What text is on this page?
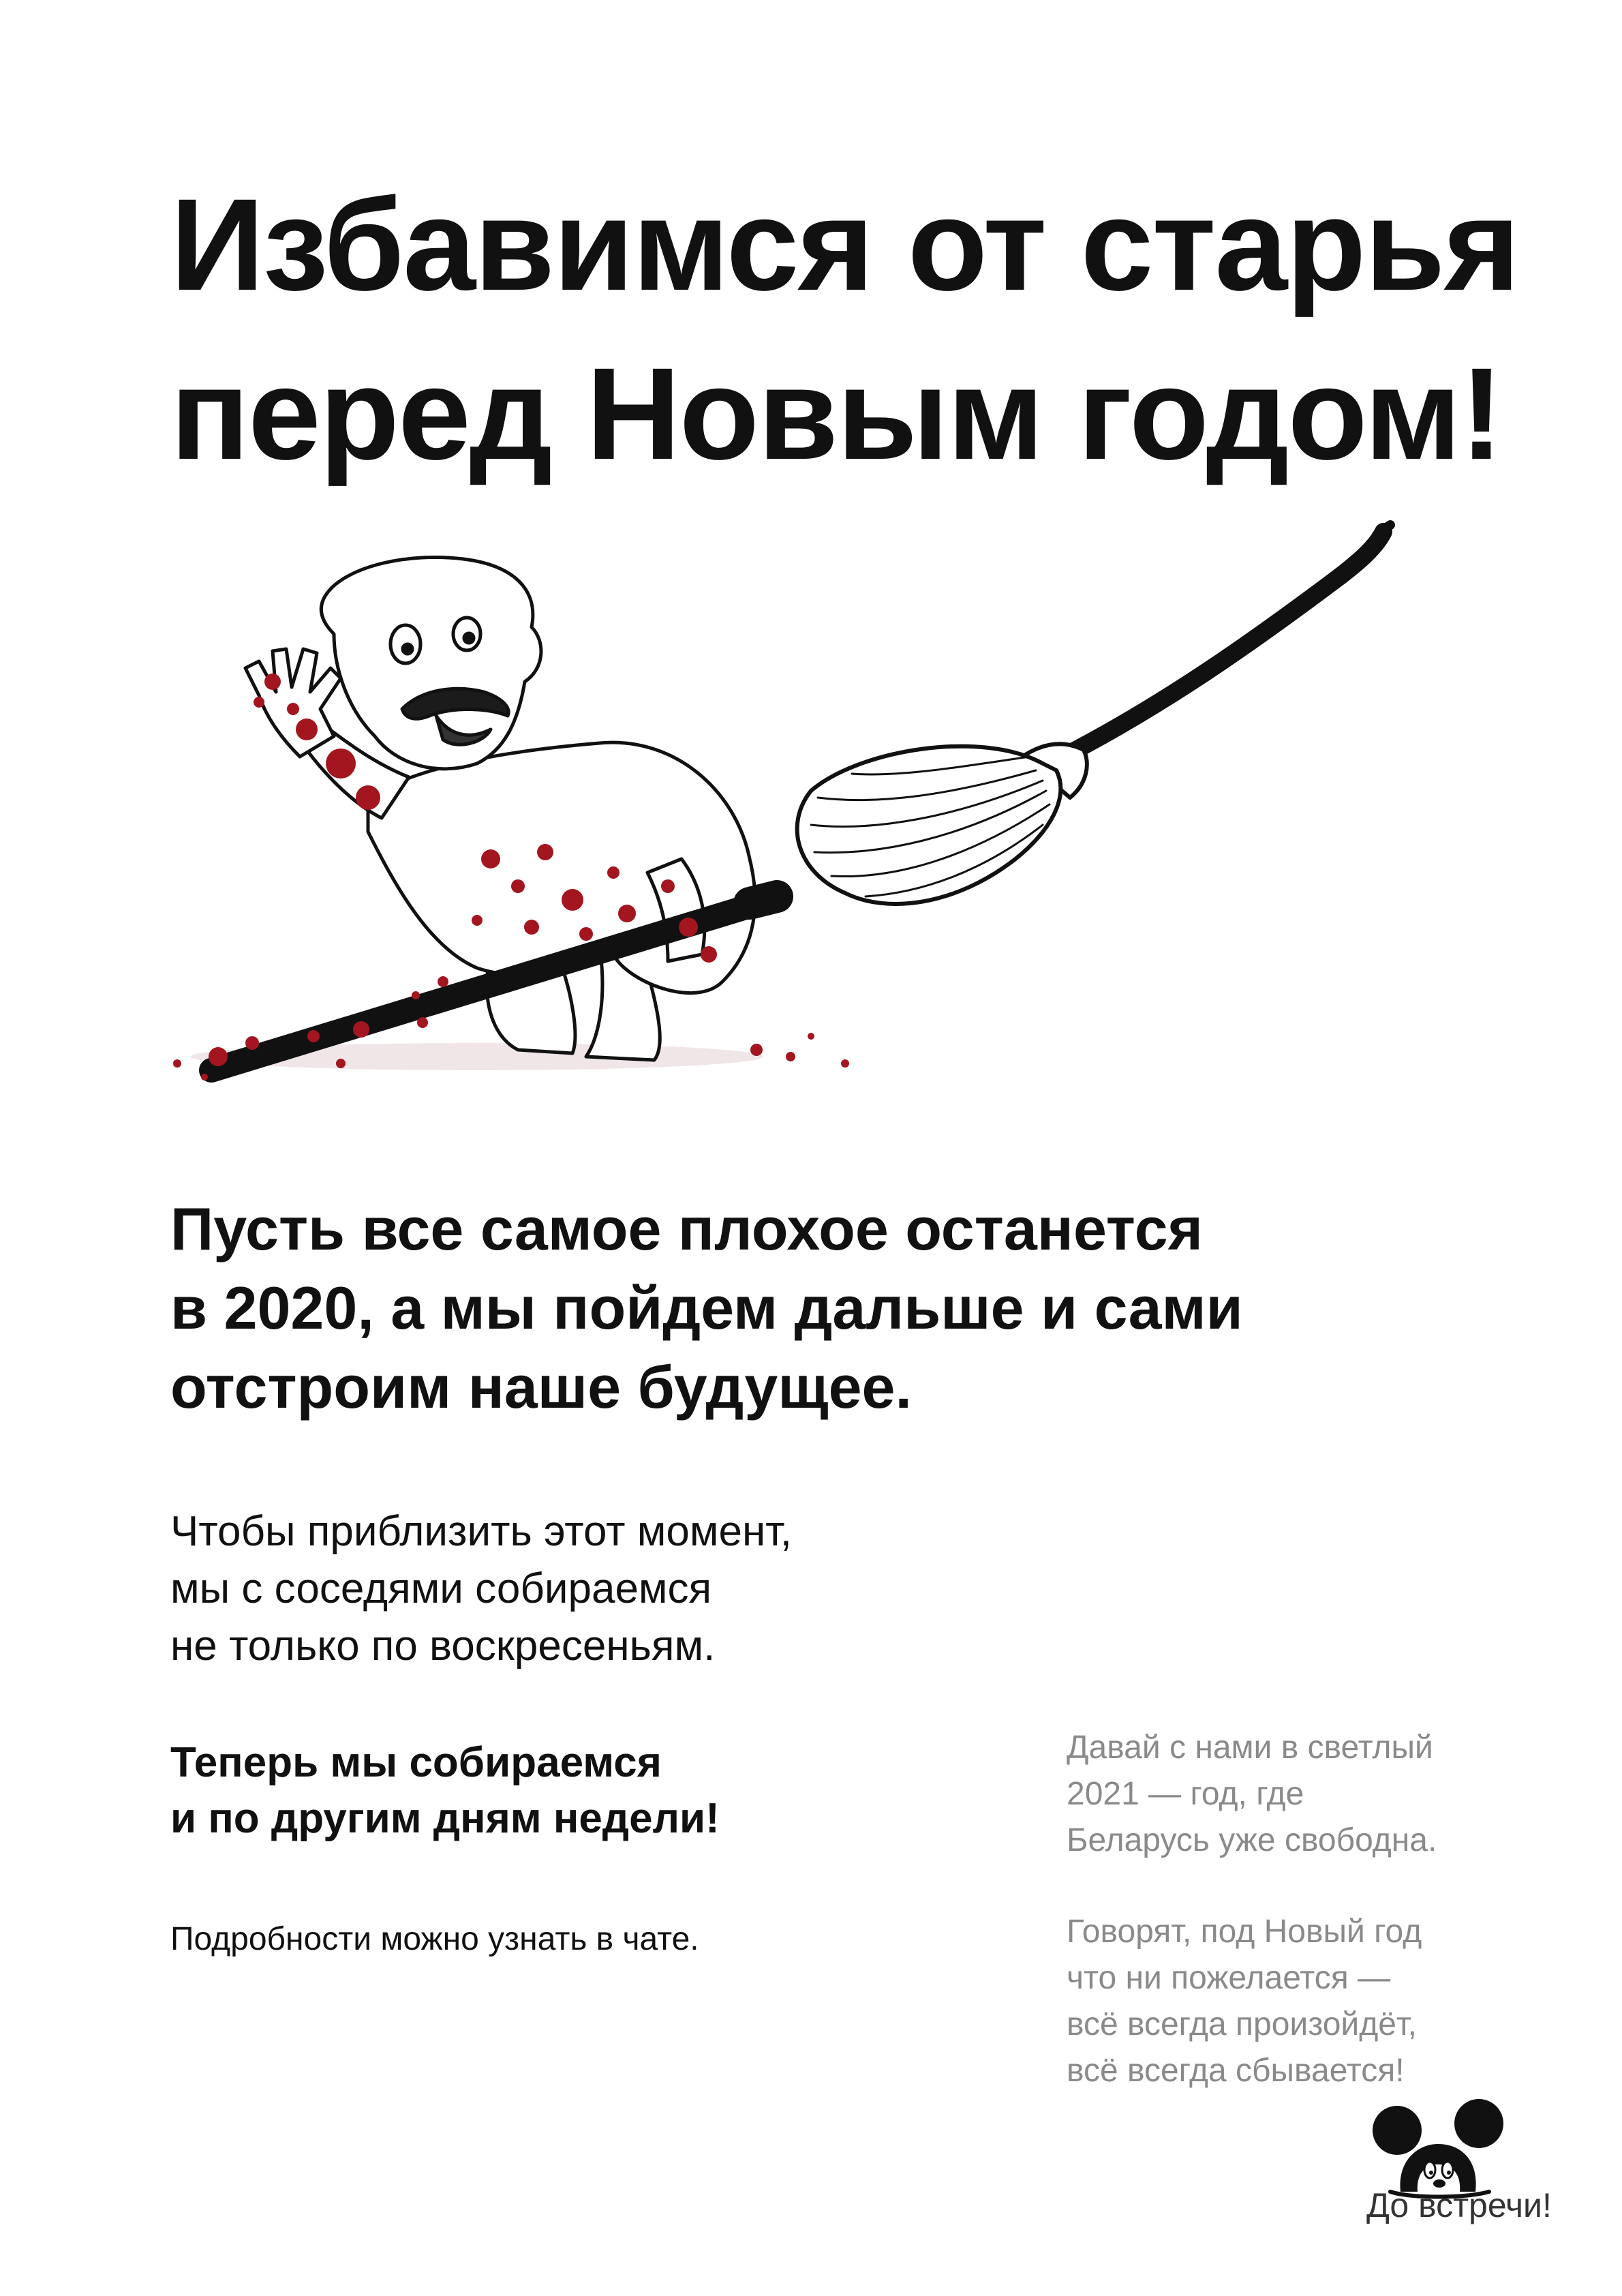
Избавимся от старья
перед Новым годом!
Пусть все самое плохое останется
в 2020, а мы пойдем дальше и сами
отстроим наше будущее.
Чтобы приблизить этот момент,
мы с соседями собираемся
не только по воскресеньям.
Теперь мы собираемся
и по другим дням недели!
Подробности можно узнать в чате.
Давай с нами в светлый
2021 — год, где
Беларусь уже свободна.
Говорят, под Новый год
что ни пожелается —
всё всегда произойдёт,
всё всегда сбывается!
До встречи!
